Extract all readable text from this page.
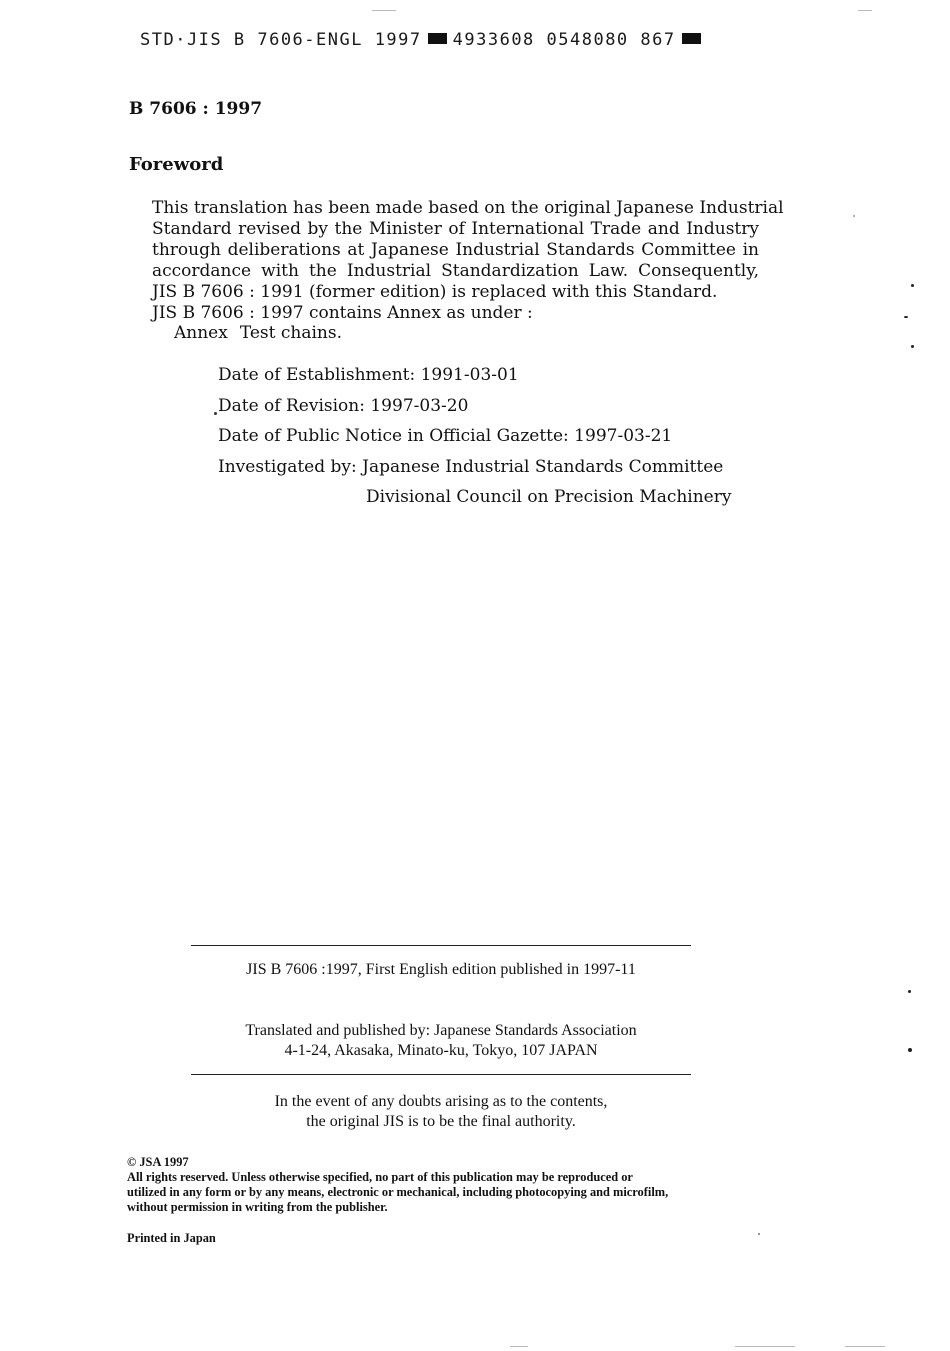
STD·JIS B 7606-ENGL 1997 4933608 0548080 867
B 7606 : 1997
Foreword
This translation has been made based on the original Japanese Industrial
Standard revised by the Minister of International Trade and Industry
through deliberations at Japanese Industrial Standards Committee in
accordance with the Industrial Standardization Law. Consequently,
JIS B 7606 : 1991 (former edition) is replaced with this Standard.
JIS B 7606 : 1997 contains Annex as under :
Annex Test chains.
Date of Establishment: 1991-03-01
Date of Revision: 1997-03-20
Date of Public Notice in Official Gazette: 1997-03-21
Investigated by: Japanese Industrial Standards Committee
Divisional Council on Precision Machinery
JIS B 7606 :1997, First English edition published in 1997-11
Translated and published by: Japanese Standards Association
4-1-24, Akasaka, Minato-ku, Tokyo, 107 JAPAN
In the event of any doubts arising as to the contents,
the original JIS is to be the final authority.
© JSA 1997
All rights reserved. Unless otherwise specified, no part of this publication may be reproduced or
utilized in any form or by any means, electronic or mechanical, including photocopying and microfilm,
without permission in writing from the publisher.
Printed in Japan
